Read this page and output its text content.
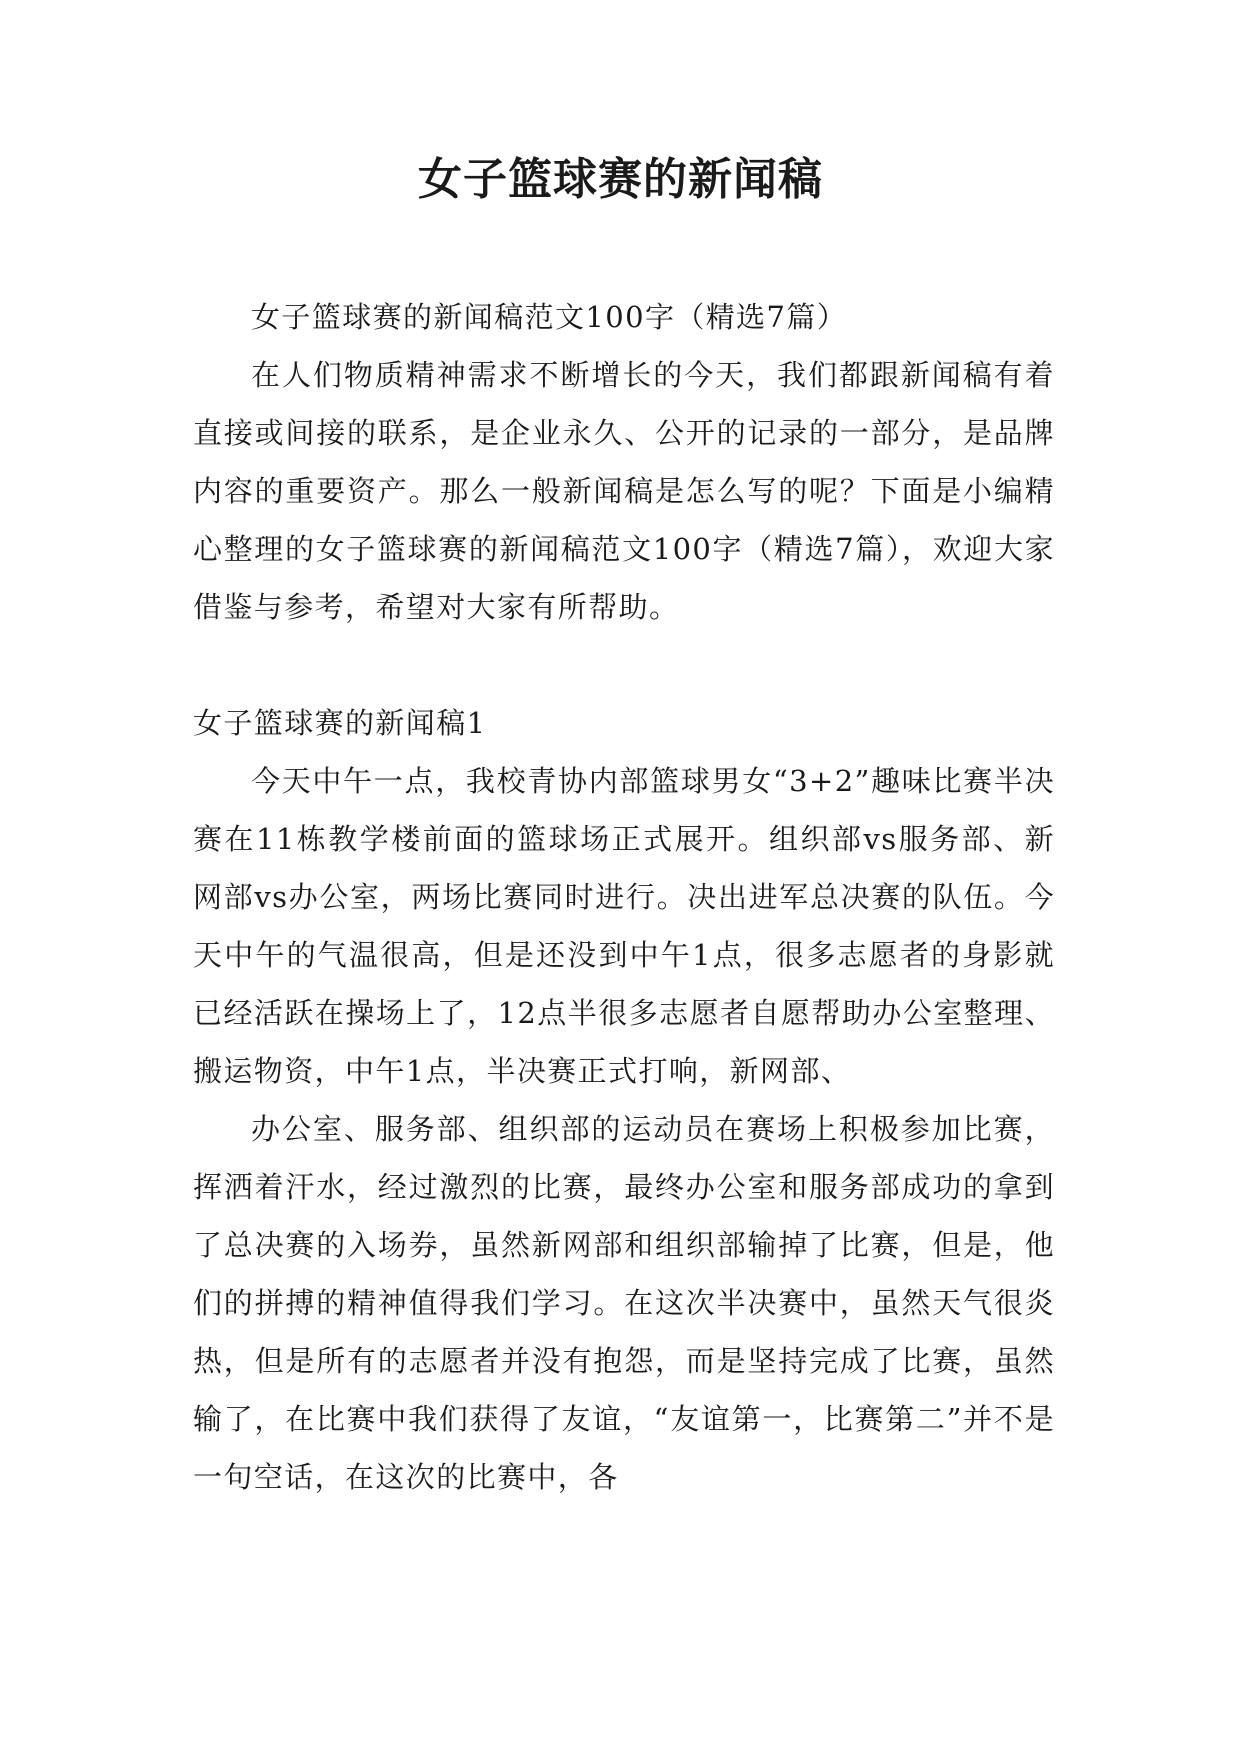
女子篮球赛的新闻稿

女子篮球赛的新闻稿范文100字（精选7篇）

在人们物质精神需求不断增长的今天，我们都跟新闻稿有着直接或间接的联系，是企业永久、公开的记录的一部分，是品牌内容的重要资产。那么一般新闻稿是怎么写的呢？下面是小编精心整理的女子篮球赛的新闻稿范文100字（精选7篇），欢迎大家借鉴与参考，希望对大家有所帮助。

女子篮球赛的新闻稿1

今天中午一点，我校青协内部篮球男女“3+2”趣味比赛半决赛在11栋教学楼前面的篮球场正式展开。组织部vs服务部、新网部vs办公室，两场比赛同时进行。决出进军总决赛的队伍。今天中午的气温很高，但是还没到中午1点，很多志愿者的身影就已经活跃在操场上了，12点半很多志愿者自愿帮助办公室整理、搬运物资，中午1点，半决赛正式打响，新网部、

办公室、服务部、组织部的运动员在赛场上积极参加比赛，挥洒着汗水，经过激烈的比赛，最终办公室和服务部成功的拿到了总决赛的入场券，虽然新网部和组织部输掉了比赛，但是，他们的拼搏的精神值得我们学习。在这次半决赛中，虽然天气很炎热，但是所有的志愿者并没有抱怨，而是坚持完成了比赛，虽然输了，在比赛中我们获得了友谊，“友谊第一，比赛第二”并不是一句空话，在这次的比赛中，各
